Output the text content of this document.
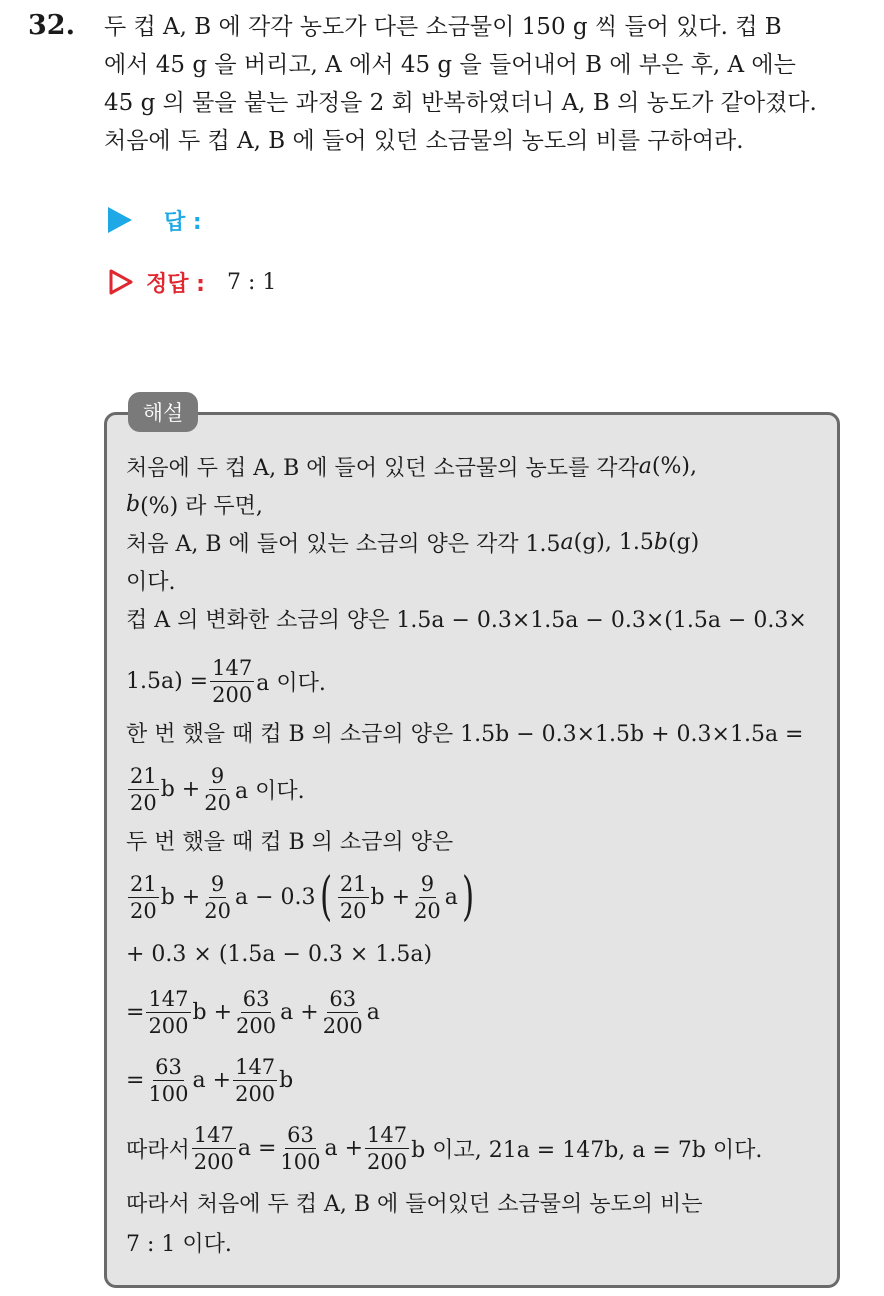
32. 두 컵 A, B 에 각각 농도가 다른 소금물이 150 g 씩 들어 있다. 컵 B

에서 45 g 을 버리고, A 에서 45 g 을 들어내어 B 에 부은 후, A 에는

45 g 의 물을 붙는 과정을 2 회 반복하였더니 A, B 의 농도가 같아졌다.

처음에 두 컵 A, B 에 들어 있던 소금물의 농도의 비를 구하여라.

답 :
정답 : 7 : 1
해설
처음에 두 컵 A, B 에 들어 있던 소금물의 농도를 각각 a (%),
b (%) 라 두면,
처음 A, B 에 들어 있는 소금의 양은 각각 1.5 a (g), 1.5 b (g)
이다.
컵 A 의 변화한 소금의 양은 1.5a − 0.3×1.5a − 0.3×(1.5a − 0.3×
$1.5a) = \frac{147}{200}$ a 이다.
한 번 했을 때 컵 B 의 소금의 양은 1.5b − 0.3×1.5b + 0.3×1.5a =
$\frac{21}{20}$ $b + \frac{9}{20}$ a 이다.
두 번 했을 때 컵 B 의 소금의 양은
$\frac{21}{20}$ $b + \frac{9}{20}$ a − 0.3 ( $\frac{21}{20}$ $b + \frac{9}{20}$ a )
+ 0.3 × (1.5a − 0.3 × 1.5a)
= $\frac{147}{200}$ $b + \frac{63}{200}$ $a + \frac{63}{200}$ a
= $\frac{63}{100}$ $a + \frac{147}{200}$ b
따라서 $\frac{147}{200}$ $a = \frac{63}{100}$ $a + \frac{147}{200}$ b 이고, 21a = 147b, a = 7b 이다.
따라서 처음에 두 컵 A, B 에 들어있던 소금물의 농도의 비는
7 : 1 이다.
